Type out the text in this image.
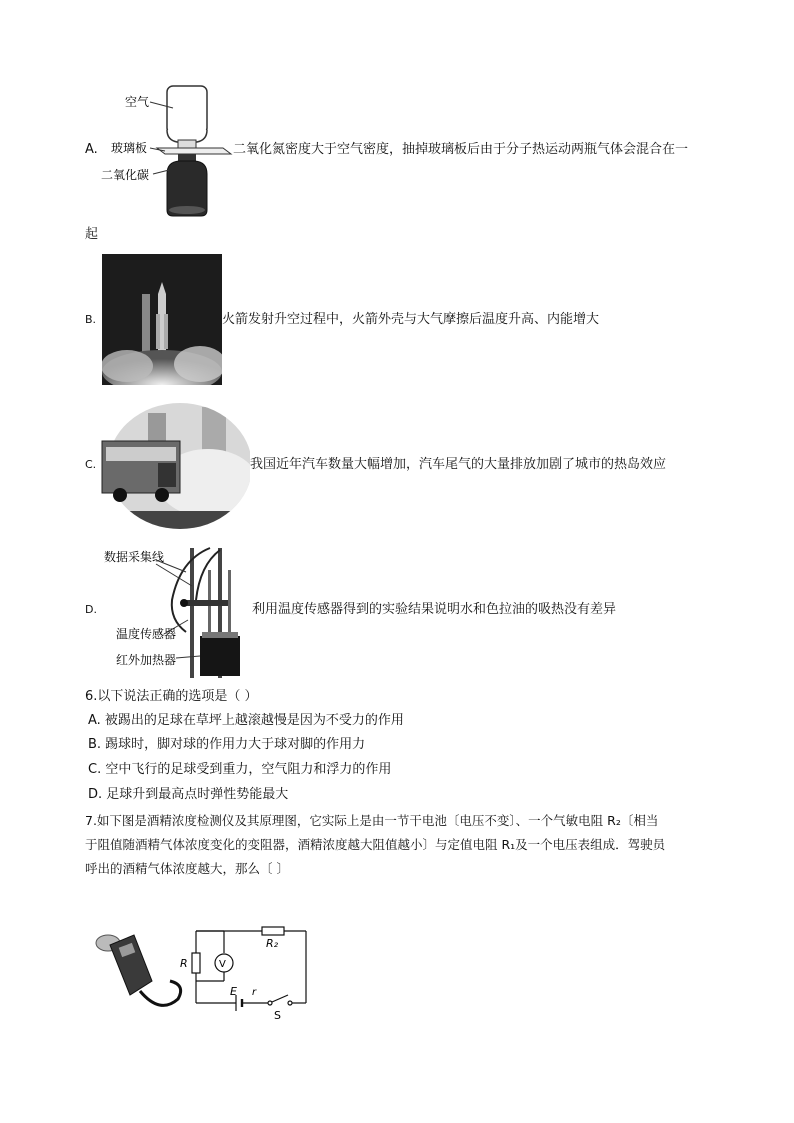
A.
空气
玻璃板
二氧化碳
二氧化氮密度大于空气密度，抽掉玻璃板后由于分子热运动两瓶气体会混合在一
起
B.	火箭发射升空过程中，火箭外壳与大气摩擦后温度升高、内能增大
C.	我国近年汽车数量大幅增加，汽车尾气的大量排放加剧了城市的热岛效应
D.
数据采集线
温度传感器
红外加热器
利用温度传感器得到的实验结果说明水和色拉油的吸热没有差异
6.以下说法正确的选项是（ ）
A. 被踢出的足球在草坪上越滚越慢是因为不受力的作用
B. 踢球时，脚对球的作用力大于球对脚的作用力
C. 空中飞行的足球受到重力，空气阻力和浮力的作用
D. 足球升到最高点时弹性势能最大
7.如下图是酒精浓度检测仪及其原理图，它实际上是由一节干电池〔电压不变〕、一个气敏电阻 R₂〔相当
于阻值随酒精气体浓度变化的变阻器，酒精浓度越大阻值越小〕与定值电阻 R₁及一个电压表组成．驾驶员
呼出的酒精气体浓度越大，那么〔 〕
R₂
R	V
E r
S
